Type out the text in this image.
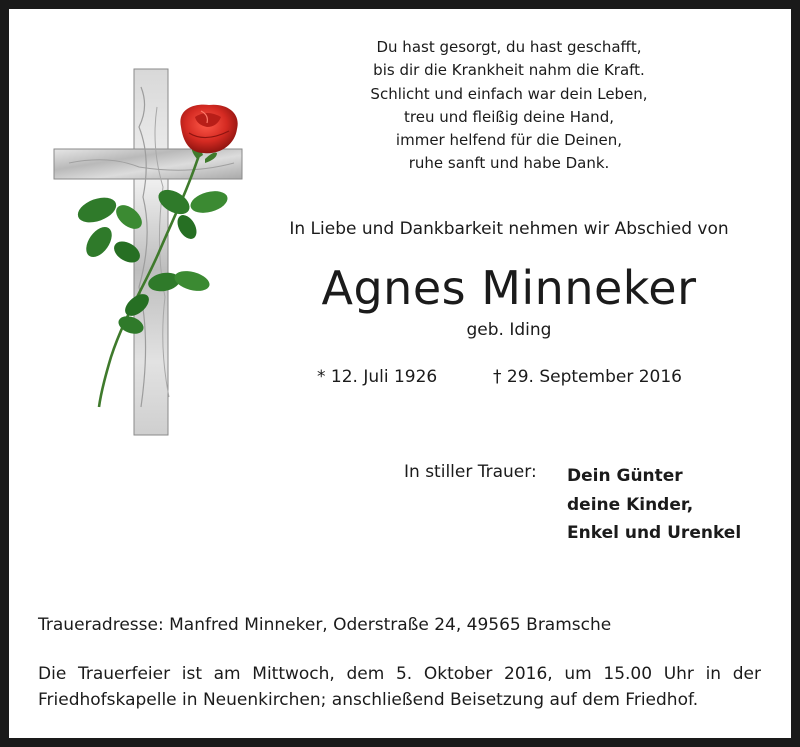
Du hast gesorgt, du hast geschafft,
bis dir die Krankheit nahm die Kraft.
Schlicht und einfach war dein Leben,
treu und fleißig deine Hand,
immer helfend für die Deinen,
ruhe sanft und habe Dank.
In Liebe und Dankbarkeit nehmen wir Abschied von
Agnes Minneker
geb. Iding
* 12. Juli 1926	† 29. September 2016
In stiller Trauer: Dein Günter
deine Kinder,
Enkel und Urenkel
Traueradresse: Manfred Minneker, Oderstraße 24, 49565 Bramsche
Die Trauerfeier ist am Mittwoch, dem 5. Oktober 2016, um 15.00 Uhr in der
Friedhofskapelle in Neuenkirchen; anschließend Beisetzung auf dem Friedhof.
